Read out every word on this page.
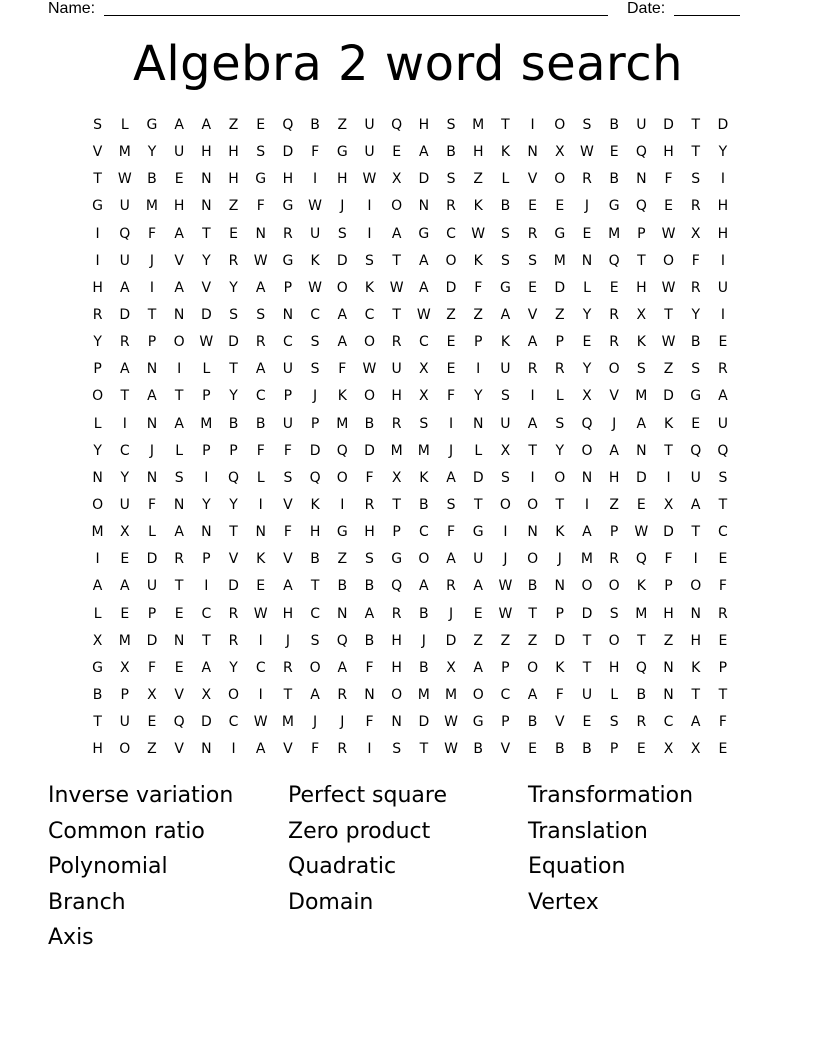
Name:

	Date:

Algebra 2 word search
S	L	G	A	A	Z	E	Q	B	Z	U	Q	H	S	M	T	I	O	S	B	U	D	T	D
V	M	Y	U	H	H	S	D	F	G	U	E	A	B	H	K	N	X	W	E	Q	H	T	Y
T	W	B	E	N	H	G	H	I	H	W	X	D	S	Z	L	V	O	R	B	N	F	S	I
G	U	M	H	N	Z	F	G	W	J	I	O	N	R	K	B	E	E	J	G	Q	E	R	H
I	Q	F	A	T	E	N	R	U	S	I	A	G	C	W	S	R	G	E	M	P	W	X	H
I	U	J	V	Y	R	W	G	K	D	S	T	A	O	K	S	S	M	N	Q	T	O	F	I
H	A	I	A	V	Y	A	P	W	O	K	W	A	D	F	G	E	D	L	E	H	W	R	U
R	D	T	N	D	S	S	N	C	A	C	T	W	Z	Z	A	V	Z	Y	R	X	T	Y	I
Y	R	P	O	W	D	R	C	S	A	O	R	C	E	P	K	A	P	E	R	K	W	B	E
P	A	N	I	L	T	A	U	S	F	W	U	X	E	I	U	R	R	Y	O	S	Z	S	R
O	T	A	T	P	Y	C	P	J	K	O	H	X	F	Y	S	I	L	X	V	M	D	G	A
L	I	N	A	M	B	B	U	P	M	B	R	S	I	N	U	A	S	Q	J	A	K	E	U
Y	C	J	L	P	P	F	F	D	Q	D	M	M	J	L	X	T	Y	O	A	N	T	Q	Q
N	Y	N	S	I	Q	L	S	Q	O	F	X	K	A	D	S	I	O	N	H	D	I	U	S
O	U	F	N	Y	Y	I	V	K	I	R	T	B	S	T	O	O	T	I	Z	E	X	A	T
M	X	L	A	N	T	N	F	H	G	H	P	C	F	G	I	N	K	A	P	W	D	T	C
I	E	D	R	P	V	K	V	B	Z	S	G	O	A	U	J	O	J	M	R	Q	F	I	E
A	A	U	T	I	D	E	A	T	B	B	Q	A	R	A	W	B	N	O	O	K	P	O	F
L	E	P	E	C	R	W	H	C	N	A	R	B	J	E	W	T	P	D	S	M	H	N	R
X	M	D	N	T	R	I	J	S	Q	B	H	J	D	Z	Z	Z	D	T	O	T	Z	H	E
G	X	F	E	A	Y	C	R	O	A	F	H	B	X	A	P	O	K	T	H	Q	N	K	P
B	P	X	V	X	O	I	T	A	R	N	O	M	M	O	C	A	F	U	L	B	N	T	T
T	U	E	Q	D	C	W	M	J	J	F	N	D	W	G	P	B	V	E	S	R	C	A	F
H	O	Z	V	N	I	A	V	F	R	I	S	T	W	B	V	E	B	B	P	E	X	X	E
Inverse variation	Perfect square	Transformation
Common ratio	Zero product	Translation
Polynomial	Quadratic	Equation
Branch	Domain	Vertex
Axis
